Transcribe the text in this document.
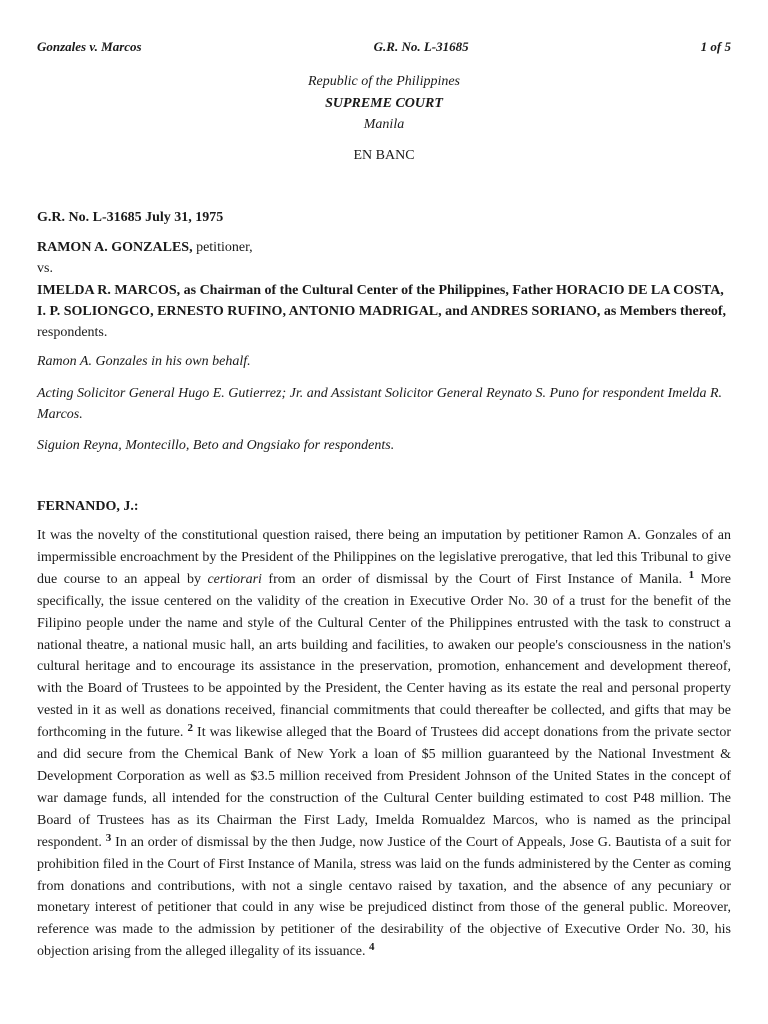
Gonzales v. Marcos	G.R. No. L-31685	1 of 5
Republic of the Philippines
SUPREME COURT
Manila
EN BANC
G.R. No. L-31685 July 31, 1975
RAMON A. GONZALES, petitioner,
vs.
IMELDA R. MARCOS, as Chairman of the Cultural Center of the Philippines, Father HORACIO DE LA COSTA, I. P. SOLIONGCO, ERNESTO RUFINO, ANTONIO MADRIGAL, and ANDRES SORIANO, as Members thereof, respondents.
Ramon A. Gonzales in his own behalf.
Acting Solicitor General Hugo E. Gutierrez; Jr. and Assistant Solicitor General Reynato S. Puno for respondent Imelda R. Marcos.
Siguion Reyna, Montecillo, Beto and Ongsiako for respondents.
FERNANDO, J.:
It was the novelty of the constitutional question raised, there being an imputation by petitioner Ramon A. Gonzales of an impermissible encroachment by the President of the Philippines on the legislative prerogative, that led this Tribunal to give due course to an appeal by certiorari from an order of dismissal by the Court of First Instance of Manila. $^1$ More specifically, the issue centered on the validity of the creation in Executive Order No. 30 of a trust for the benefit of the Filipino people under the name and style of the Cultural Center of the Philippines entrusted with the task to construct a national theatre, a national music hall, an arts building and facilities, to awaken our people's consciousness in the nation's cultural heritage and to encourage its assistance in the preservation, promotion, enhancement and development thereof, with the Board of Trustees to be appointed by the President, the Center having as its estate the real and personal property vested in it as well as donations received, financial commitments that could thereafter be collected, and gifts that may be forthcoming in the future. $^2$ It was likewise alleged that the Board of Trustees did accept donations from the private sector and did secure from the Chemical Bank of New York a loan of $5 million guaranteed by the National Investment & Development Corporation as well as $3.5 million received from President Johnson of the United States in the concept of war damage funds, all intended for the construction of the Cultural Center building estimated to cost P48 million. The Board of Trustees has as its Chairman the First Lady, Imelda Romualdez Marcos, who is named as the principal respondent. $^3$ In an order of dismissal by the then Judge, now Justice of the Court of Appeals, Jose G. Bautista of a suit for prohibition filed in the Court of First Instance of Manila, stress was laid on the funds administered by the Center as coming from donations and contributions, with not a single centavo raised by taxation, and the absence of any pecuniary or monetary interest of petitioner that could in any wise be prejudiced distinct from those of the general public. Moreover, reference was made to the admission by petitioner of the desirability of the objective of Executive Order No. 30, his objection arising from the alleged illegality of its issuance. $^4$
